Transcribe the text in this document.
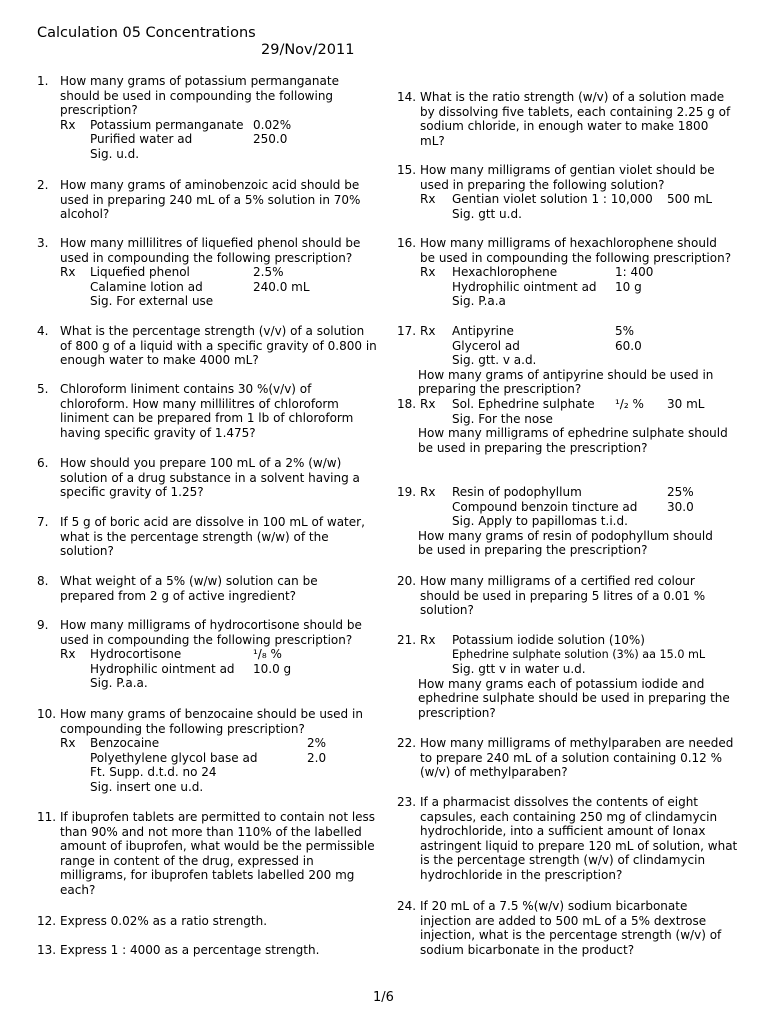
Calculation 05 Concentrations
29/Nov/2011
1. How many grams of potassium permanganate
should be used in compounding the following
prescription?
Rx Potassium permanganate 0.02%
Purified water ad	250.0
Sig. u.d.
2. How many grams of aminobenzoic acid should be
used in preparing 240 mL of a 5% solution in 70%
alcohol?
3. How many millilitres of liquefied phenol should be
used in compounding the following prescription?
Rx Liquefied phenol	2.5%
Calamine lotion ad	240.0 mL
Sig. For external use
4. What is the percentage strength (v/v) of a solution
of 800 g of a liquid with a specific gravity of 0.800 in
enough water to make 4000 mL?
5. Chloroform liniment contains 30 %(v/v) of
chloroform. How many millilitres of chloroform
liniment can be prepared from 1 lb of chloroform
having specific gravity of 1.475?
6. How should you prepare 100 mL of a 2% (w/w)
solution of a drug substance in a solvent having a
specific gravity of 1.25?
7. If 5 g of boric acid are dissolve in 100 mL of water,
what is the percentage strength (w/w) of the
solution?
8. What weight of a 5% (w/w) solution can be
prepared from 2 g of active ingredient?
9. How many milligrams of hydrocortisone should be
used in compounding the following prescription?
Rx Hydrocortisone	¹/₈ %
Hydrophilic ointment ad 10.0 g
Sig. P.a.a.
10. How many grams of benzocaine should be used in
compounding the following prescription?
Rx Benzocaine	2%
Polyethylene glycol base ad	2.0
Ft. Supp. d.t.d. no 24
Sig. insert one u.d.
11. If ibuprofen tablets are permitted to contain not less
than 90% and not more than 110% of the labelled
amount of ibuprofen, what would be the permissible
range in content of the drug, expressed in
milligrams, for ibuprofen tablets labelled 200 mg
each?
12. Express 0.02% as a ratio strength.
13. Express 1 : 4000 as a percentage strength.
14. What is the ratio strength (w/v) of a solution made
by dissolving five tablets, each containing 2.25 g of
sodium chloride, in enough water to make 1800
mL?
15. How many milligrams of gentian violet should be
used in preparing the following solution?
Rx Gentian violet solution 1 : 10,000 500 mL
Sig. gtt u.d.
16. How many milligrams of hexachlorophene should
be used in compounding the following prescription?
Rx Hexachlorophene	1: 400
Hydrophilic ointment ad 10 g
Sig. P.a.a
17. Rx Antipyrine	5%
Glycerol ad	60.0
Sig. gtt. v a.d.
How many grams of antipyrine should be used in
preparing the prescription?
18. Rx Sol. Ephedrine sulphate ¹/₂ % 30 mL
Sig. For the nose
How many milligrams of ephedrine sulphate should
be used in preparing the prescription?
19. Rx Resin of podophyllum	25%
Compound benzoin tincture ad 30.0
Sig. Apply to papillomas t.i.d.
How many grams of resin of podophyllum should
be used in preparing the prescription?
20. How many milligrams of a certified red colour
should be used in preparing 5 litres of a 0.01 %
solution?
21. Rx Potassium iodide solution (10%)
Ephedrine sulphate solution (3%) aa 15.0 mL
Sig. gtt v in water u.d.
How many grams each of potassium iodide and
ephedrine sulphate should be used in preparing the
prescription?
22. How many milligrams of methylparaben are needed
to prepare 240 mL of a solution containing 0.12 %
(w/v) of methylparaben?
23. If a pharmacist dissolves the contents of eight
capsules, each containing 250 mg of clindamycin
hydrochloride, into a sufficient amount of Ionax
astringent liquid to prepare 120 mL of solution, what
is the percentage strength (w/v) of clindamycin
hydrochloride in the prescription?
24. If 20 mL of a 7.5 %(w/v) sodium bicarbonate
injection are added to 500 mL of a 5% dextrose
injection, what is the percentage strength (w/v) of
sodium bicarbonate in the product?
1/6
